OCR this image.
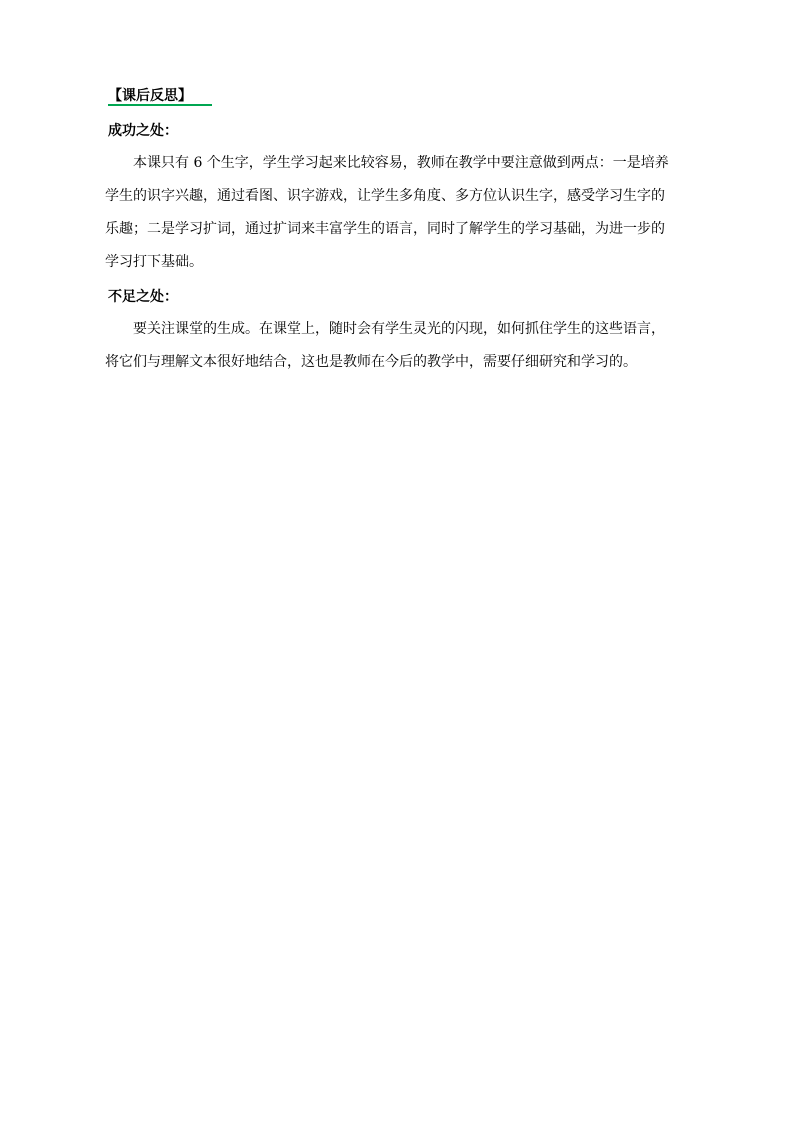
【课后反思】
成功之处：
本课只有 6 个生字，学生学习起来比较容易，教师在教学中要注意做到两点：一是培养
学生的识字兴趣，通过看图、识字游戏，让学生多角度、多方位认识生字，感受学习生字的
乐趣；二是学习扩词，通过扩词来丰富学生的语言，同时了解学生的学习基础，为进一步的
学习打下基础。
不足之处：
要关注课堂的生成。在课堂上，随时会有学生灵光的闪现，如何抓住学生的这些语言，
将它们与理解文本很好地结合，这也是教师在今后的教学中，需要仔细研究和学习的。
